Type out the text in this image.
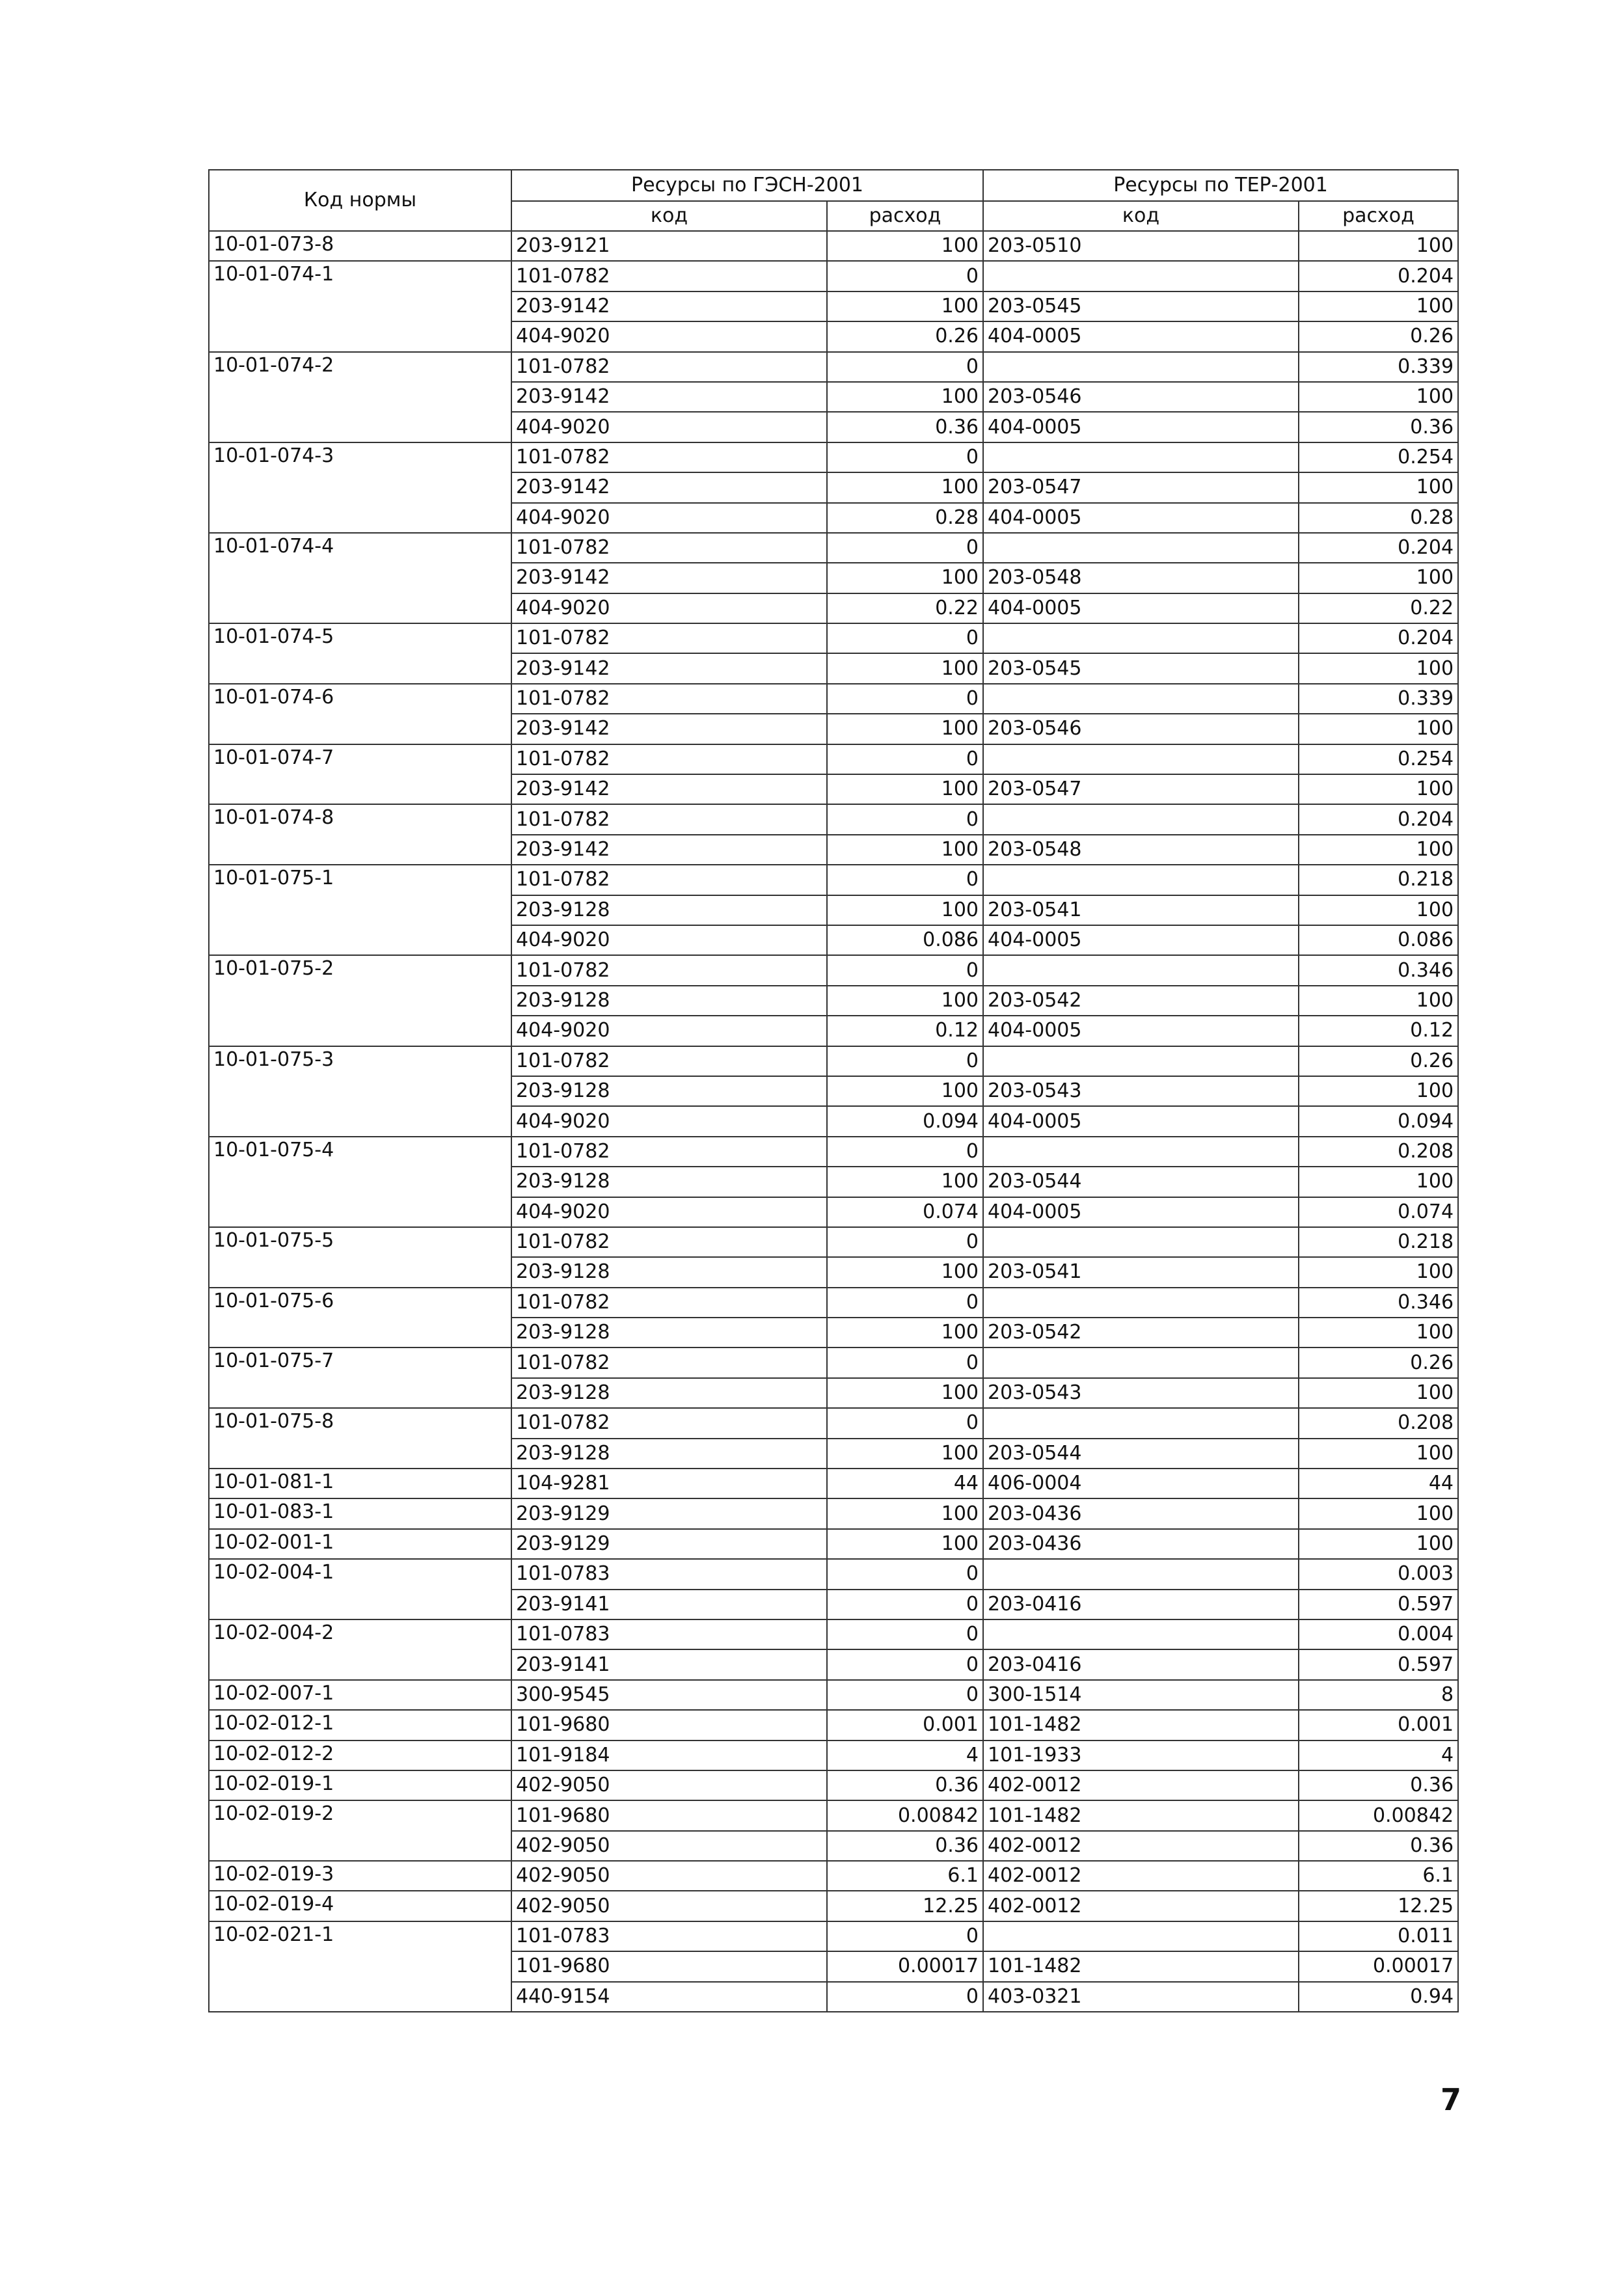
Код нормы	Ресурсы по ГЭСН-2001		Ресурсы по ТЕР-2001	
	код	расход	код	расход
10-01-073-8	203-9121	100	203-0510	100
10-01-074-1	101-0782	0		0.204
	203-9142	100	203-0545	100
	404-9020	0.26	404-0005	0.26
10-01-074-2	101-0782	0		0.339
	203-9142	100	203-0546	100
	404-9020	0.36	404-0005	0.36
10-01-074-3	101-0782	0		0.254
	203-9142	100	203-0547	100
	404-9020	0.28	404-0005	0.28
10-01-074-4	101-0782	0		0.204
	203-9142	100	203-0548	100
	404-9020	0.22	404-0005	0.22
10-01-074-5	101-0782	0		0.204
	203-9142	100	203-0545	100
10-01-074-6	101-0782	0		0.339
	203-9142	100	203-0546	100
10-01-074-7	101-0782	0		0.254
	203-9142	100	203-0547	100
10-01-074-8	101-0782	0		0.204
	203-9142	100	203-0548	100
10-01-075-1	101-0782	0		0.218
	203-9128	100	203-0541	100
	404-9020	0.086	404-0005	0.086
10-01-075-2	101-0782	0		0.346
	203-9128	100	203-0542	100
	404-9020	0.12	404-0005	0.12
10-01-075-3	101-0782	0		0.26
	203-9128	100	203-0543	100
	404-9020	0.094	404-0005	0.094
10-01-075-4	101-0782	0		0.208
	203-9128	100	203-0544	100
	404-9020	0.074	404-0005	0.074
10-01-075-5	101-0782	0		0.218
	203-9128	100	203-0541	100
10-01-075-6	101-0782	0		0.346
	203-9128	100	203-0542	100
10-01-075-7	101-0782	0		0.26
	203-9128	100	203-0543	100
10-01-075-8	101-0782	0		0.208
	203-9128	100	203-0544	100
10-01-081-1	104-9281	44	406-0004	44
10-01-083-1	203-9129	100	203-0436	100
10-02-001-1	203-9129	100	203-0436	100
10-02-004-1	101-0783	0		0.003
	203-9141	0	203-0416	0.597
10-02-004-2	101-0783	0		0.004
	203-9141	0	203-0416	0.597
10-02-007-1	300-9545	0	300-1514	8
10-02-012-1	101-9680	0.001	101-1482	0.001
10-02-012-2	101-9184	4	101-1933	4
10-02-019-1	402-9050	0.36	402-0012	0.36
10-02-019-2	101-9680	0.00842	101-1482	0.00842
	402-9050	0.36	402-0012	0.36
10-02-019-3	402-9050	6.1	402-0012	6.1
10-02-019-4	402-9050	12.25	402-0012	12.25
10-02-021-1	101-0783	0		0.011
	101-9680	0.00017	101-1482	0.00017
	440-9154	0	403-0321	0.94
7
